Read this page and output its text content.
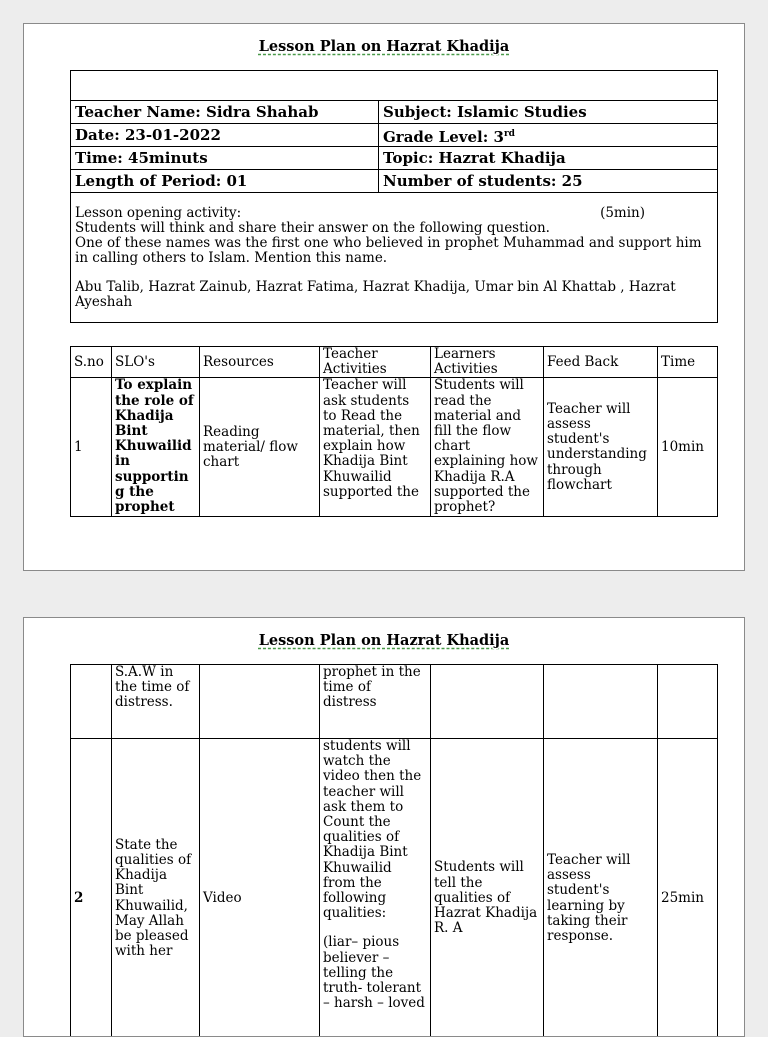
Lesson Plan on Hazrat Khadija

Teacher Name: Sidra Shahab	Subject: Islamic Studies
Date: 23-01-2022	Grade Level: 3rd
Time: 45minuts	Topic: Hazrat Khadija
Length of Period: 01	Number of students: 25

Lesson opening activity: (5min)

Students will think and share their answer on the following question.

One of these names was the first one who believed in prophet Muhammad and support him in calling others to Islam. Mention this name.

Abu Talib, Hazrat Zainub, Hazrat Fatima, Hazrat Khadija, Umar bin Al Khattab , Hazrat Ayeshah	

S.no	SLO's	Resources	Teacher Activities	Learners Activities	Feed Back	Time
1	To explain the role of Khadija Bint Khuwailid in supporting the prophet	Reading material/ flow chart	Teacher will ask students to Read the material, then explain how Khadija Bint Khuwailid supported the	Students will read the material and fill the flow chart explaining how Khadija R.A supported the prophet?	Teacher will assess student's understanding through flowchart	10min
Lesson Plan on Hazrat Khadija
	S.A.W in the time of distress.		prophet in the time of distress			
2	State the qualities of Khadija Bint Khuwailid, May Allah be pleased with her	Video	students will watch the video then the teacher will ask them to Count the qualities of Khadija Bint Khuwailid from the following qualities:
(liar– pious believer – telling the truth- tolerant – harsh – loved	Students will tell the qualities of Hazrat Khadija R. A	Teacher will assess student's learning by taking their response.	25min
